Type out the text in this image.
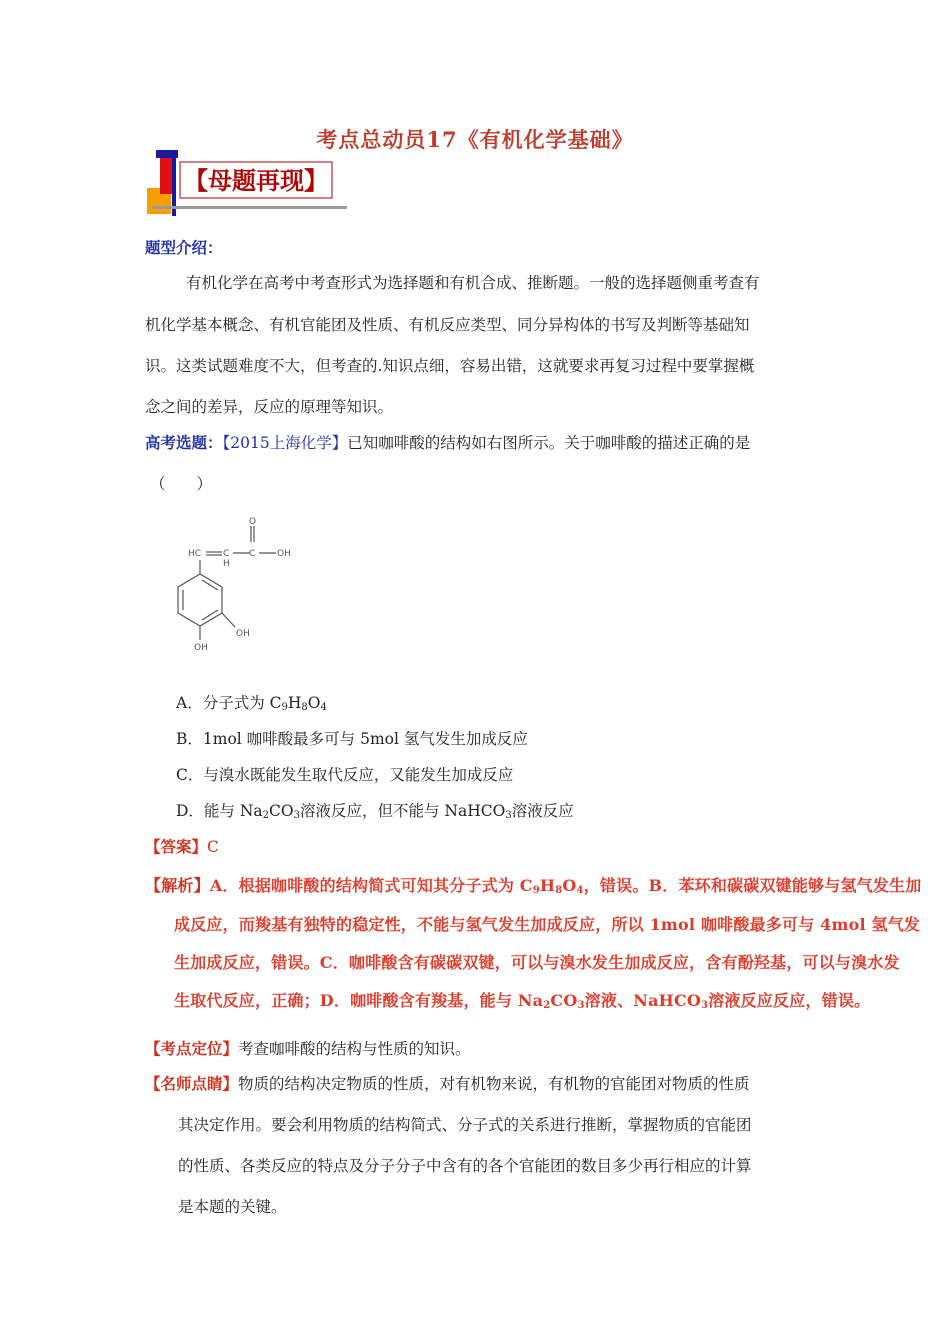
考点总动员17《有机化学基础》
【母题再现】
题型介绍：
有机化学在高考中考查形式为选择题和有机合成、推断题。一般的选择题侧重考查有
机化学基本概念、有机官能团及性质、有机反应类型、同分异构体的书写及判断等基础知
识。这类试题难度不大，但考查的.知识点细，容易出错，这就要求再复习过程中要掌握概
念之间的差异，反应的原理等知识。
高考选题：【2015上海化学】已知咖啡酸的结构如右图所示。关于咖啡酸的描述正确的是
（　　）
HC C
H
C
O
OH
OH
OH
A．分子式为 $C_9H_8O_4$
B．1mol 咖啡酸最多可与 5mol 氢气发生加成反应
C．与溴水既能发生取代反应，又能发生加成反应
D．能与 $Na_2CO_3$溶液反应，但不能与 NaHCO$_3$溶液反应
【答案】C
【解析】A．根据咖啡酸的结构简式可知其分子式为 $C_9H_8O_4$，错误。B．苯环和碳碳双键能够与氢气发生加
成反应，而羧基有独特的稳定性，不能与氢气发生加成反应，所以 1mol 咖啡酸最多可与 4mol 氢气发
生加成反应，错误。C．咖啡酸含有碳碳双键，可以与溴水发生加成反应，含有酚羟基，可以与溴水发
生取代反应，正确；D．咖啡酸含有羧基，能与 $Na_2CO_3$溶液、NaHCO$_3$溶液反应反应，错误。
【考点定位】考查咖啡酸的结构与性质的知识。
【名师点睛】物质的结构决定物质的性质，对有机物来说，有机物的官能团对物质的性质
其决定作用。要会利用物质的结构简式、分子式的关系进行推断，掌握物质的官能团
的性质、各类反应的特点及分子分子中含有的各个官能团的数目多少再行相应的计算
是本题的关键。
